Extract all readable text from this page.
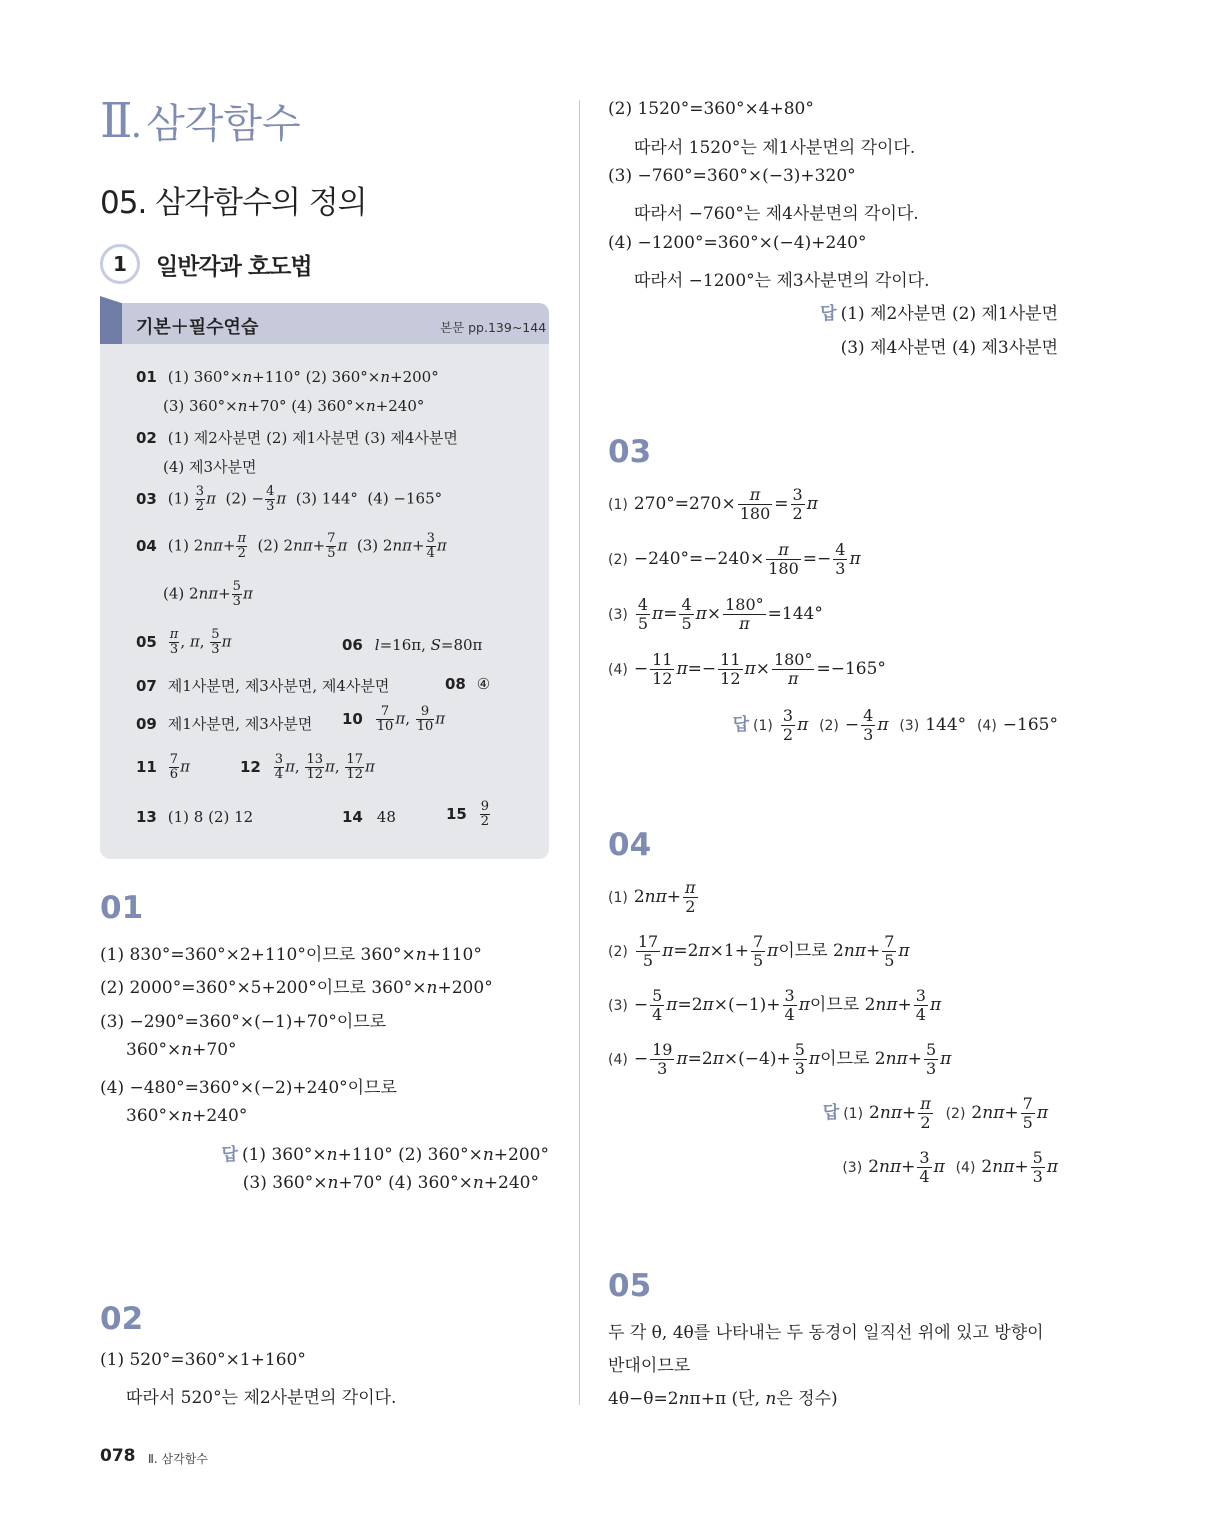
Ⅱ. 삼각함수
05. 삼각함수의 정의
1	일반각과 호도법
기본＋필수연습	본문 pp.139~144
01 (1) 360°×𝑛+110° (2) 360°×𝑛+200°
(3) 360°×𝑛+70° (4) 360°×𝑛+240°
02 (1) 제2사분면 (2) 제1사분면 (3) 제4사분면
(4) 제3사분면
03 $(1) \frac{3}{2}$ π  $(2) - \frac{4}{3}$ π  (3) 144°  (4) −165°
04 (1) $2n\pi+ \frac{\pi}{2} (2)$ $2n\pi+ \frac{7}{5}$ π  (3) $2n\pi+ \frac{3}{4}$ π
(4) $2n\pi+ \frac{5}{3}$ π
$05 \frac{\pi}{3}$ , π, $\frac{5}{3}$ π	06 𝑙=16π, 𝑆=80π
07 제1사분면, 제3사분면, 제4사분면	08 ④
09 제1사분면, 제3사분면 $10 \frac{7}{10} \pi$, $\frac{9}{10}$ π
$11 \frac{7}{6}$ π	$12 \frac{3}{4} \pi$, $\frac{13}{12} \pi$, $\frac{17}{12}$ π
13 (1) 8 (2) 12	14 48	$15 \frac{9}{2}$
01
(1) 830°=360°×2+110°이므로 360°×𝑛+110°
(2) 2000°=360°×5+200°이므로 360°×𝑛+200°
(3) −290°=360°×(−1)+70°이므로
360°×𝑛+70°
(4) −480°=360°×(−2)+240°이므로
360°×𝑛+240°
답 (1) 360°×𝑛+110° (2) 360°×𝑛+200°
(3) 360°×𝑛+70° (4) 360°×𝑛+240°
02
(1) 520°=360°×1+160°
따라서 520°는 제2사분면의 각이다.
(2) 1520°=360°×4+80°
따라서 1520°는 제1사분면의 각이다.
(3) −760°=360°×(−3)+320°
따라서 −760°는 제4사분면의 각이다.
(4) −1200°=360°×(−4)+240°
따라서 −1200°는 제3사분면의 각이다.
답 (1) 제2사분면 (2) 제1사분면
(3) 제4사분면 (4) 제3사분면
03
(1) $270^\circ=270\times \frac{\pi}{180} = \frac{3}{2}$ π
$(2) -240^\circ=-240\times \frac{\pi}{180} =- \frac{4}{3}$ π
$(3) \frac{4}{5} \pi= \frac{4}{5} \pi\times \frac{180^\circ}{\pi} =144^\circ$
$(4) - \frac{11}{12} \pi=- \frac{11}{12} \pi\times \frac{180^\circ}{\pi} =-165^\circ$
답 $(1) \frac{3}{2}$ π $(2) - \frac{4}{3}$ π (3) 144°  (4) −165°
04
(1) $2n\pi+ \frac{\pi}{2}$
$(2) \frac{17}{5} \pi=2\pi\times 1+ \frac{7}{5}$ π이므로 $2n\pi+ \frac{7}{5}$ π
$(3) - \frac{5}{4} \pi=2\pi\times(-1)+ \frac{3}{4}$ π이므로 $2n\pi+ \frac{3}{4}$ π
$(4) - \frac{19}{3} \pi=2\pi\times(-4)+ \frac{5}{3}$ π이므로 $2n\pi+ \frac{5}{3}$ π
답 (1) $2n\pi+ \frac{\pi}{2} (2)$ $2n\pi+ \frac{7}{5}$ π
(3) $2n\pi+ \frac{3}{4}$ π (4) $2n\pi+ \frac{5}{3}$ π
05
두 각 θ, 4θ를 나타내는 두 동경이 일직선 위에 있고 방향이
반대이므로
4θ−θ=2𝑛π+π (단, 𝑛은 정수)
078 Ⅱ. 삼각함수
